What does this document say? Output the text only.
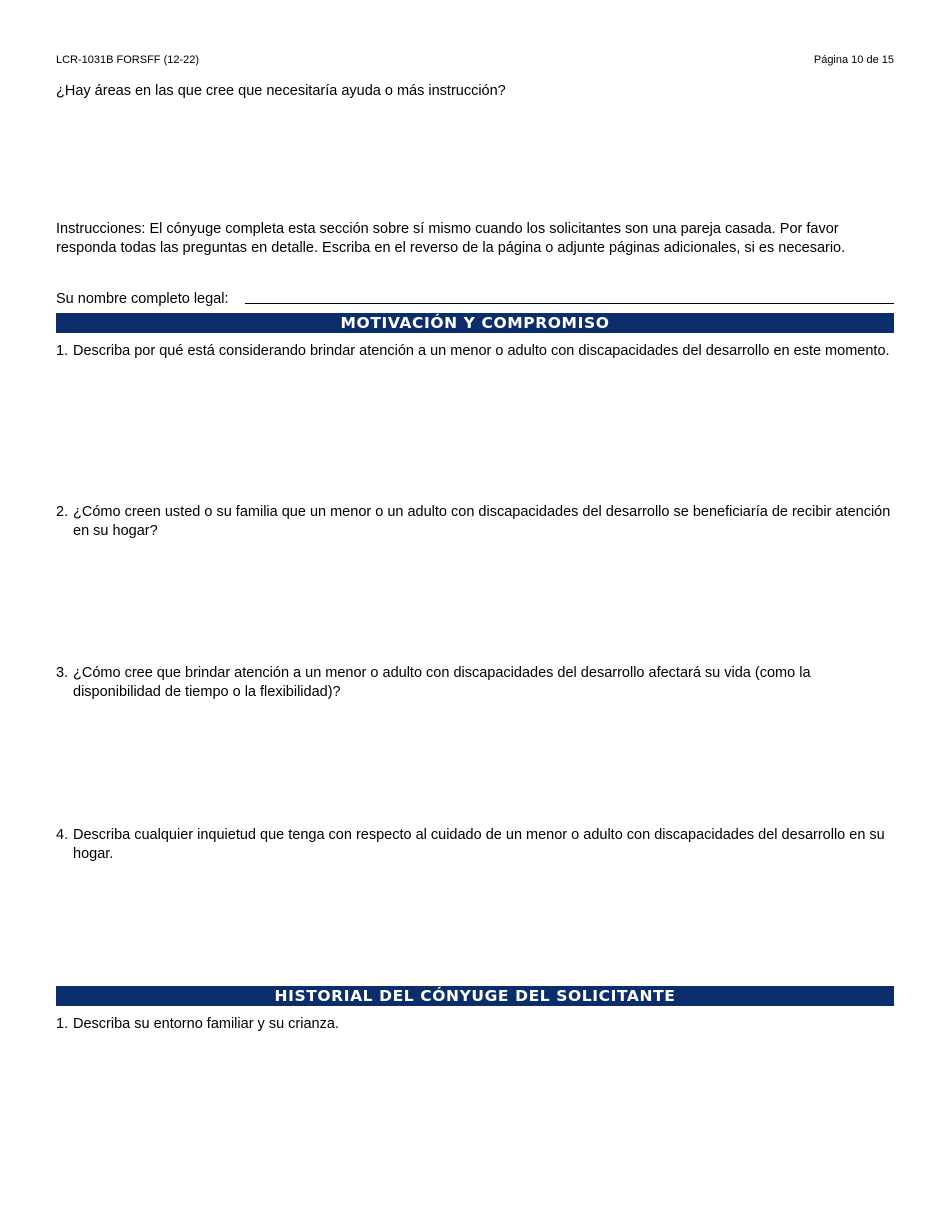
LCR-1031B FORSFF (12-22)	Página 10 de 15
¿Hay áreas en las que cree que necesitaría ayuda o más instrucción?
Instrucciones: El cónyuge completa esta sección sobre sí mismo cuando los solicitantes son una pareja casada. Por favor responda todas las preguntas en detalle. Escriba en el reverso de la página o adjunte páginas adicionales, si es necesario.
Su nombre completo legal:
MOTIVACIÓN Y COMPROMISO
1. Describa por qué está considerando brindar atención a un menor o adulto con discapacidades del desarrollo en este momento.
2. ¿Cómo creen usted o su familia que un menor o un adulto con discapacidades del desarrollo se beneficiaría de recibir atención en su hogar?
3. ¿Cómo cree que brindar atención a un menor o adulto con discapacidades del desarrollo afectará su vida (como la disponibilidad de tiempo o la flexibilidad)?
4. Describa cualquier inquietud que tenga con respecto al cuidado de un menor o adulto con discapacidades del desarrollo en su hogar.
HISTORIAL DEL CÓNYUGE DEL SOLICITANTE
1. Describa su entorno familiar y su crianza.
